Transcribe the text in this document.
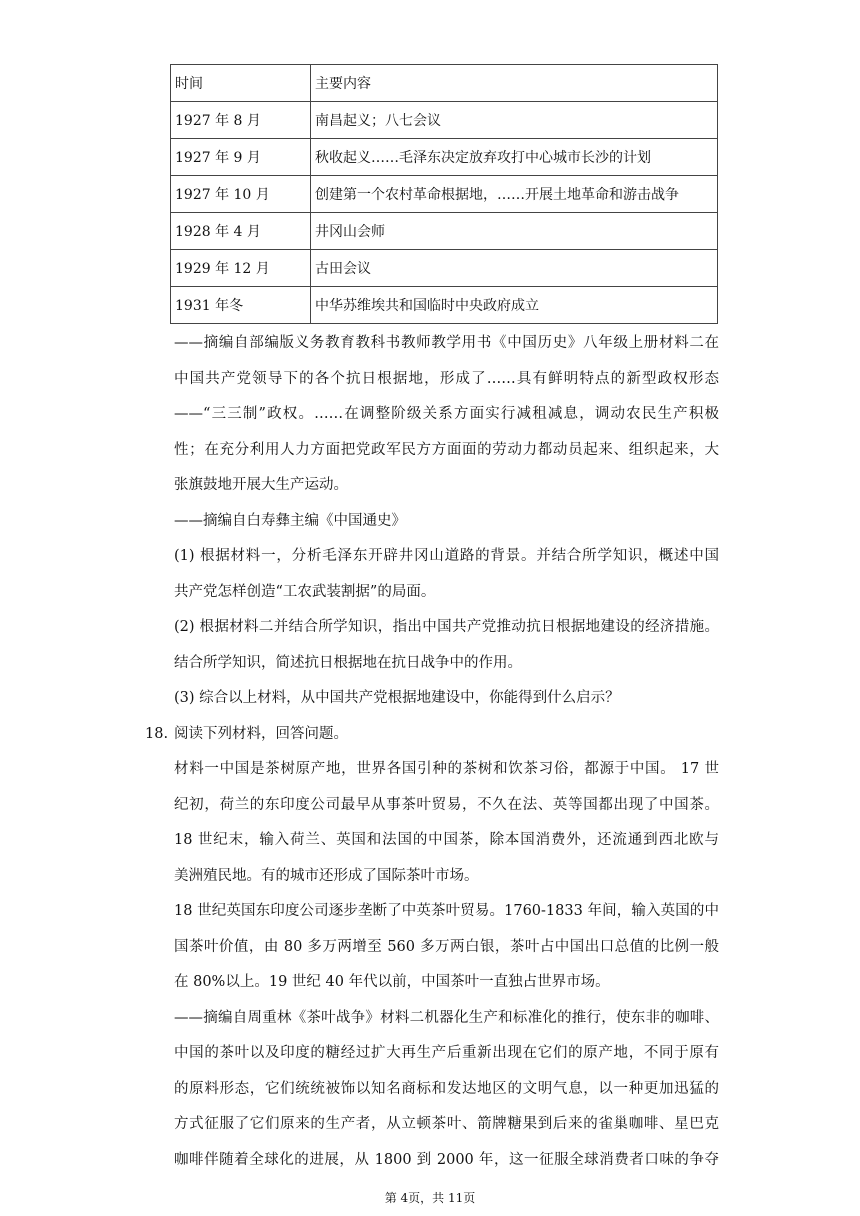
时间	主要内容
1927 年 8 月	南昌起义；八七会议
1927 年 9 月	秋收起义……毛泽东决定放弃攻打中心城市长沙的计划
1927 年 10 月	创建第一个农村革命根据地，……开展土地革命和游击战争
1928 年 4 月	井冈山会师
1929 年 12 月	古田会议
1931 年冬	中华苏维埃共和国临时中央政府成立
——摘编自部编版义务教育教科书教师教学用书《中国历史》八年级上册材料二在
中国共产党领导下的各个抗日根据地，形成了……具有鲜明特点的新型政权形态
——“三三制”政权。……在调整阶级关系方面实行减租减息，调动农民生产积极
性；在充分利用人力方面把党政军民方方面面的劳动力都动员起来、组织起来，大
张旗鼓地开展大生产运动。
——摘编自白寿彝主编《中国通史》
(1) 根据材料一，分析毛泽东开辟井冈山道路的背景。并结合所学知识，概述中国
共产党怎样创造“工农武装割据”的局面。
(2) 根据材料二并结合所学知识，指出中国共产党推动抗日根据地建设的经济措施。
结合所学知识，简述抗日根据地在抗日战争中的作用。
(3) 综合以上材料，从中国共产党根据地建设中，你能得到什么启示？
18. 阅读下列材料，回答问题。
材料一中国是茶树原产地，世界各国引种的茶树和饮茶习俗，都源于中国。 17 世
纪初，荷兰的东印度公司最早从事茶叶贸易，不久在法、英等国都出现了中国茶。
18 世纪末，输入荷兰、英国和法国的中国茶，除本国消费外，还流通到西北欧与
美洲殖民地。有的城市还形成了国际茶叶市场。
18 世纪英国东印度公司逐步垄断了中英茶叶贸易。1760-1833 年间，输入英国的中
国茶叶价值，由 80 多万两增至 560 多万两白银，茶叶占中国出口总值的比例一般
在 80%以上。19 世纪 40 年代以前，中国茶叶一直独占世界市场。
——摘编自周重林《茶叶战争》材料二机器化生产和标准化的推行，使东非的咖啡、
中国的茶叶以及印度的糖经过扩大再生产后重新出现在它们的原产地，不同于原有
的原料形态，它们统统被饰以知名商标和发达地区的文明气息，以一种更加迅猛的
方式征服了它们原来的生产者，从立顿茶叶、箭牌糖果到后来的雀巢咖啡、星巴克
咖啡伴随着全球化的进展，从 1800 到 2000 年，这一征服全球消费者口味的争夺
第 4页，共 11页
